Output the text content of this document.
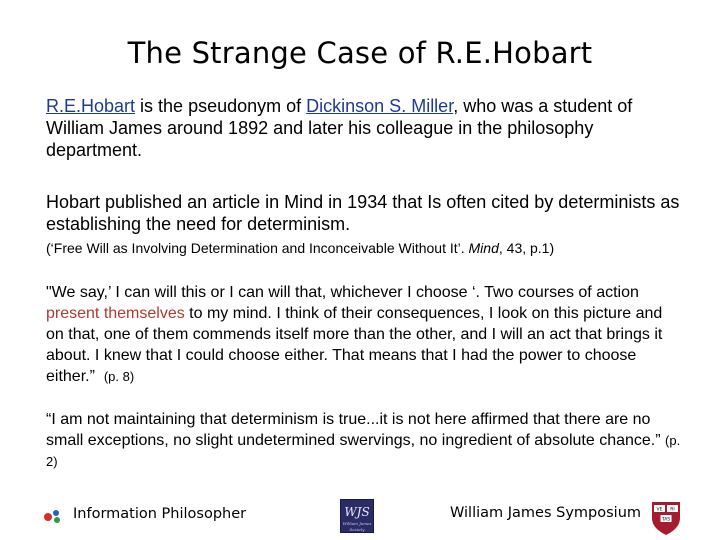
The Strange Case of R.E.Hobart

R.E.Hobart is the pseudonym of Dickinson S. Miller, who was a student of William James around 1892 and later his colleague in the philosophy department.

Hobart published an article in Mind in 1934 that Is often cited by determinists as establishing the need for determinism.

(‘Free Will as Involving Determination and Inconceivable Without It’. Mind, 43, p.1)

"We say,’ I can will this or I can will that, whichever I choose ‘. Two courses of action present themselves to my mind. I think of their consequences, I look on this picture and on that, one of them commends itself more than the other, and I will an act that brings it about. I knew that I could choose either. That means that I had the power to choose either.” (p. 8)

“I am not maintaining that determinism is true...it is not here affirmed that there are no small exceptions, no slight undetermined swervings, no ingredient of absolute chance.” (p. 2)

Information Philosopher	WJS
William James Society
William James Symposium	VE RI
TAS
